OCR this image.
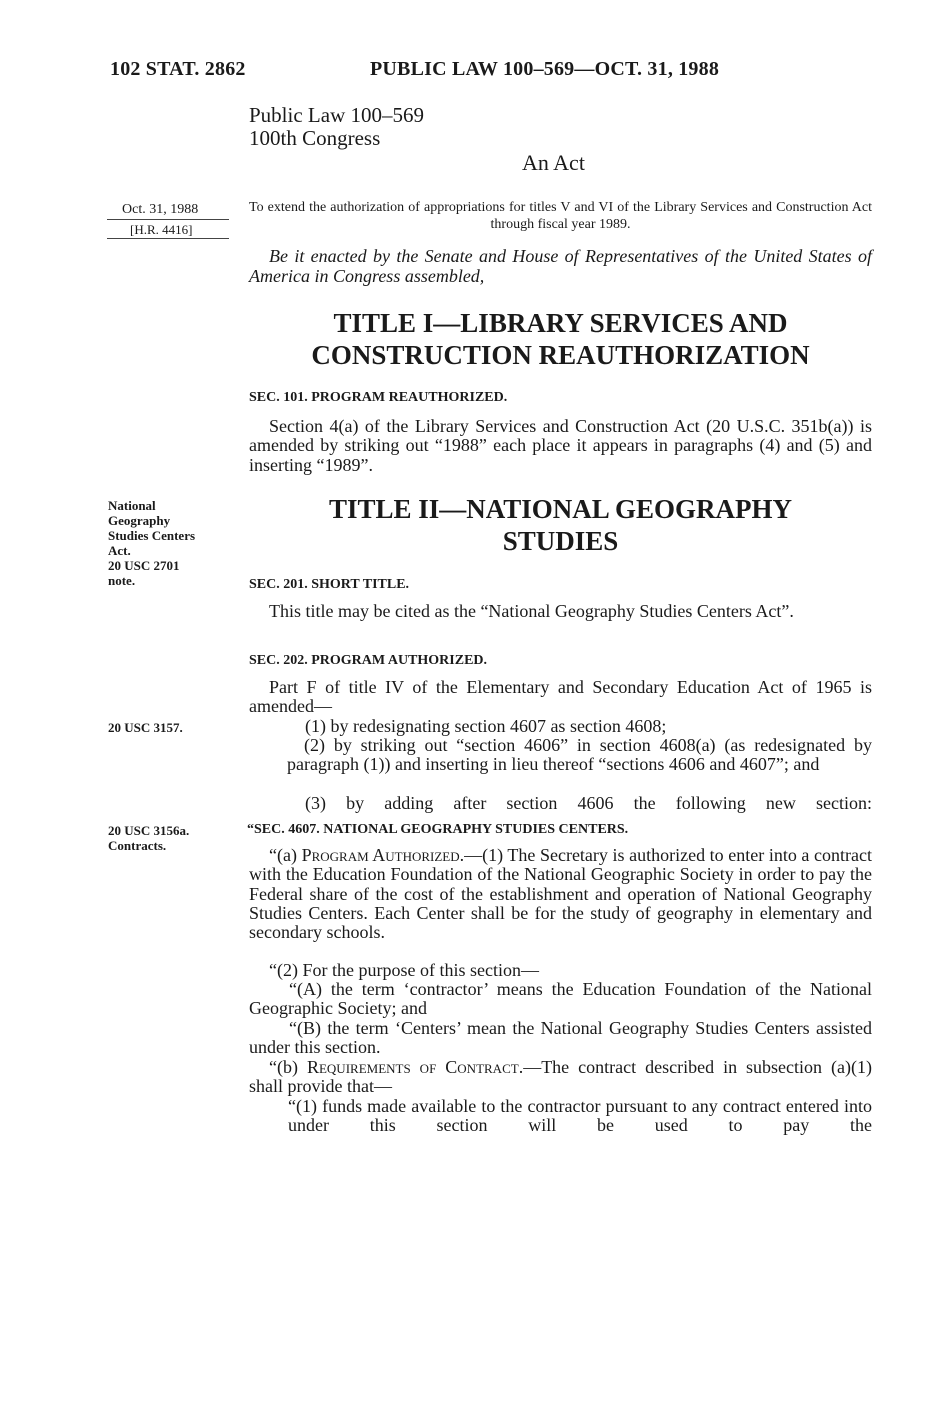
102 STAT. 2862	PUBLIC LAW 100–569—OCT. 31, 1988
Public Law 100–569
100th Congress
An Act
Oct. 31, 1988
[H.R. 4416]
To extend the authorization of appropriations for titles V and VI of the Library Services and Construction Act through fiscal year 1989.
Be it enacted by the Senate and House of Representatives of the United States of America in Congress assembled,
TITLE I—LIBRARY SERVICES AND
CONSTRUCTION REAUTHORIZATION
SEC. 101. PROGRAM REAUTHORIZED.
Section 4(a) of the Library Services and Construction Act (20 U.S.C. 351b(a)) is amended by striking out “1988” each place it appears in paragraphs (4) and (5) and inserting “1989”.
National
Geography
Studies Centers
Act.
20 USC 2701
note.
TITLE II—NATIONAL GEOGRAPHY
STUDIES
SEC. 201. SHORT TITLE.
This title may be cited as the “National Geography Studies Centers Act”.
SEC. 202. PROGRAM AUTHORIZED.
Part F of title IV of the Elementary and Secondary Education Act of 1965 is amended—
20 USC 3157.	(1) by redesignating section 4607 as section 4608;
(2) by striking out “section 4606” in section 4608(a) (as redesignated by paragraph (1)) and inserting in lieu thereof “sections 4606 and 4607”; and
(3) by adding after section 4606 the following new section:
20 USC 3156a.
Contracts.
“SEC. 4607. NATIONAL GEOGRAPHY STUDIES CENTERS.
“(a) Program Authorized.—(1) The Secretary is authorized to enter into a contract with the Education Foundation of the National Geographic Society in order to pay the Federal share of the cost of the establishment and operation of National Geography Studies Centers. Each Center shall be for the study of geography in elementary and secondary schools.
“(2) For the purpose of this section—
“(A) the term ‘contractor’ means the Education Foundation of the National Geographic Society; and
“(B) the term ‘Centers’ mean the National Geography Studies Centers assisted under this section.
“(b) Requirements of Contract.—The contract described in subsection (a)(1) shall provide that—
“(1) funds made available to the contractor pursuant to any contract entered into under this section will be used to pay the
